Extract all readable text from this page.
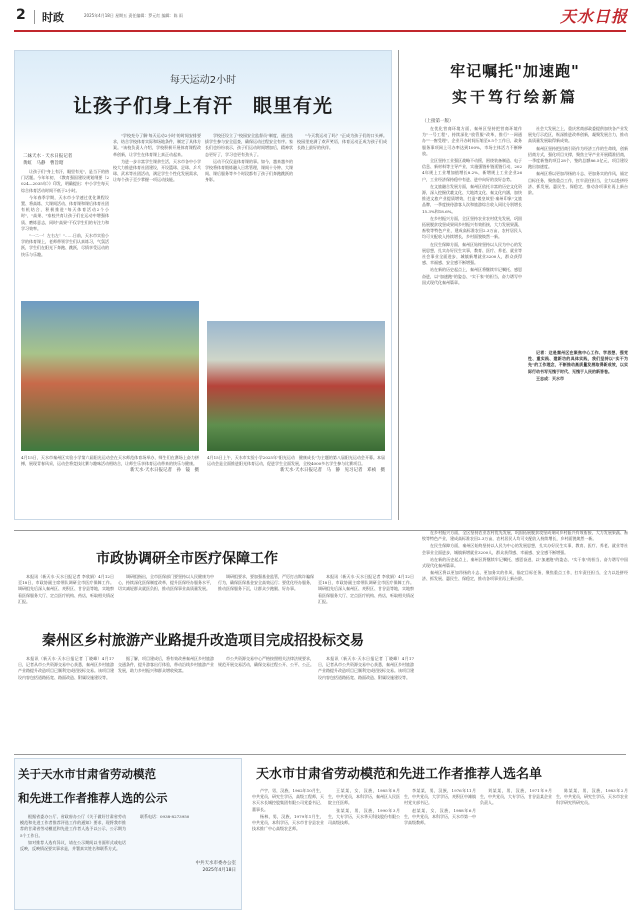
2 时政	2025年4月18日 星期五 责任编辑：罗元红 编辑：陈 雨	天水日报
每天运动2小时
让孩子们身上有汗　眼里有光
二妹天水 · 天水日报记者
黄虹　马静　曹旨昭

让孩子们"身上有汗，眼里有光"，是当下的热门话题。今年年初，《教育强国建设规划纲要（2024—2035年）》印发，明确提出：中小学生每天综合体育活动时间不低于2小时。

今年春季学期，天水市小学速过优化课程设置、将高练、大课间活动、体育课和课后体育社团有机结合，积极推进"每天体育活动2个小时"，"高果、"家校共育让孩子们在运动中增强体质、磨炼意志，同时"高果"不仅学生们的专注力和学习效率。

"一二一！左右左！"……日前，天水市实验小学的体育课上，老师带领学生们认真练习，气氛活跃，学生们在阳光下奔跑、跳跃，尽情享受运动的快乐与乐趣。

"学校充分了解'每天运动2小时'的时间安排要求，结合学校体育实际和场地条件，制定了具体方案。"该校负责人介绍，学校积极开展体育课程改革创新，让学生在体育课上真正动起来。

为进一步丰富学生课余生活，天水市各中小学校大力推进体育社团建设，开设篮球、足球、乒乓球、武术等社团活动，满足学生个性化发展需求，让每个孩子至少掌握一项运动技能。

学校还设立了"校园安全监督员"制度，通过选拔学生参与安全巡查，确保运动过程安全有序。家长们也纷纷表示，孩子们运动时间增加后，精神状态更好了，学习也更有劲头了。

运动不仅仅是体育课的事。如今，越来越多的学校将体育锻炼融入日常管理，课间十分钟、大课间、课后服务等多个时段都有了孩子们奔跑跳跃的身影。

"今天我运动了吗？"正成为孩子们的口头禅。校园里充满了欢声笑语，体育运动正成为孩子们成长路上最好的伙伴。

4月15日，天水市秦州区实验小学第六届阳光运动会在天水师范体育场举办，师生们在赛场上奋力拼搏，展现青春风采，运动会将竞技比赛与趣味活动相结合，让师生乐享体育运动带来的快乐与健康。
新天水·天水日报记者　孙　镜　摄
4月15日上午，天水市实验小学2025年"阳光运动　健康成长"为主题的第八届阳光运动会开幕。本届运动会是全面推进阳光体育运动，促进学生全面发展，全校4000多名学生参与比赛项目。
新天水·天水日报记者　马　静　见习记者　邓祯　摄
牢记嘱托"加速跑"
实干笃行绘新篇
（上接第一版）

在优化营商环境方面，秦州区坚持把营商环境作为"一号工程"，持续深化"放管服"改革，推行"一网通办""一窗受理"，企业开办时间压缩至0.5个工作日，政务服务事项网上可办率达到100%，市场主体活力不断释放。

全区坚持工业强区战略不动摇，围绕装备制造、电子信息、新材料等主导产业，实施强链补链延链行动，2024年规上工业增加值增长8.2%，新增规上工业企业26户，工业经济保持稳中有进、进中向好的良好态势。

在文旅融合发展方面，秦州区依托丰富的历史文化资源，深入挖掘伏羲文化、大地湾文化、秦文化内涵，加快推进文旅产业提质增效，打造"羲皇故里·秦州印象"文旅品牌，一季度接待游客人次和旅游综合收入同比分别增长15.3%和18.6%。

在乡村振兴方面，全区坚持农业农村优先发展，巩固拓展脱贫攻坚成果同乡村振兴有效衔接，大力发展果蔬、畜牧等特色产业，建成高标准农田2.3万亩，农村居民人均可支配收入持续增长，乡村面貌焕然一新。

在民生保障方面，秦州区始终坚持以人民为中心的发展思想，扎实办好民生实事，教育、医疗、养老、就业等社会事业全面进步，城镇新增就业3200人，群众获得感、幸福感、安全感不断增强。

站在新的历史起点上，秦州区将继续牢记嘱托、感恩奋进，以"加速跑"的姿态、"实干家"的担当，奋力谱写中国式现代化秦州篇章。

社会大发展之上，重庆营商部政委提供加快各产业发展先行示范区，纵深推进改革创新，凝聚发展合力，推动高质量发展取得新成效。

秦州区坚持把招商引资作为经济工作的生命线，创新招商方式，强化项目支撑，聚焦主导产业开展精准招商，一季度新签约项目28个，签约总额86.5亿元，项目建设跑出加速度。

秦州区将以更加昂扬的斗志、更加务实的作风，锚定目标任务，聚焦重点工作，扛牢责任担当，全力以赴拼经济、抓发展、惠民生、保稳定，推动各项事业再上新台阶。

记者：这是秦州区在聚焦中心工作、学思想、强党性、重实践、建新功的具体实践，我们坚持以"实干为先"的工作理念，不断推动高质量发展取得新成效，以实际行动书写无愧于时代、无愧于人民的新答卷。

王志成：天水市

市政协调研全市医疗保障工作

本报讯（新天水·天水日报记者 李欣娟）4月12日至18日，市政协副主席带队调研全市医疗保障工作。调研组先后深入秦州区、麦积区、甘谷县等地，实地察看医保服务大厅、定点医疗机构、药店，听取相关情况汇报。

调研组指出，全市医保部门要坚持以人民健康为中心，持续深化医保制度改革，提升医保经办服务水平，切实减轻群众就医负担，推动医保事业高质量发展。

调研组要求，要加强基金监管，严厉打击欺诈骗保行为，确保医保基金安全高效运行；要优化经办服务，推动医保服务下沉，让群众少跑腿、好办事。

本报讯（新天水·天水日报记者 李欣娟）4月12日至18日，市政协副主席带队调研全市医疗保障工作。调研组先后深入秦州区、麦积区、甘谷县等地，实地察看医保服务大厅、定点医疗机构、药店，听取相关情况汇报。

秦州区乡村旅游产业路提升改造项目完成招投标交易

本报讯（新天水·天水日报记者 丁晓峰）4月17日，记者从市公共资源交易中心获悉，秦州区乡村旅游产业路提升改造项目已顺利完成招投标交易。该项目建设内容包括道路拓宽、路面改造、附属设施建设等。

据了解，项目建成后，将有效改善秦州区乡村旅游交通条件，提升游客出行体验，带动沿线乡村旅游产业发展，助力乡村振兴和群众增收致富。

市公共资源交易中心严格按照相关法律法规要求，规范开展交易活动，确保交易过程公开、公平、公正。

本报讯（新天水·天水日报记者 丁晓峰）4月17日，记者从市公共资源交易中心获悉，秦州区乡村旅游产业路提升改造项目已顺利完成招投标交易。该项目建设内容包括道路拓宽、路面改造、附属设施建设等。

在乡村振兴方面，全区坚持农业农村优先发展，巩固拓展脱贫攻坚成果同乡村振兴有效衔接，大力发展果蔬、畜牧等特色产业，建成高标准农田2.3万亩，农村居民人均可支配收入持续增长，乡村面貌焕然一新。

在民生保障方面，秦州区始终坚持以人民为中心的发展思想，扎实办好民生实事，教育、医疗、养老、就业等社会事业全面进步，城镇新增就业3200人，群众获得感、幸福感、安全感不断增强。

站在新的历史起点上，秦州区将继续牢记嘱托、感恩奋进，以"加速跑"的姿态、"实干家"的担当，奋力谱写中国式现代化秦州篇章。

秦州区将以更加昂扬的斗志、更加务实的作风，锚定目标任务，聚焦重点工作，扛牢责任担当，全力以赴拼经济、抓发展、惠民生、保稳定，推动各项事业再上新台阶。

关于天水市甘肃省劳动模范
和先进工作者推荐人选的公示

根据省委办公厅、省政府办公厅《关于做好甘肃省劳动模范和先进工作者推荐评选工作的通知》要求，现将我市推荐的甘肃省劳动模范和先进工作者人选予以公示，公示期为5个工作日。

如对推荐人选有异议，请在公示期间以书面形式或电话反映，反映情况要实事求是，并署真实姓名和联系方式。

联系电话：0938-8273950

中共天水市委办公室
2025年4月18日
天水市甘肃省劳动模范和先进工作者推荐人选名单

卢宇，男，汉族，1962年10月生，中共党员，研究生学历，高级工程师，天水天水长城控股集团有限公司党委书记、董事长。

杨林，男，汉族，1979年1月生，中共党员，本科学历，天水市甘谷县农业技术推广中心高级农艺师。

王某某，女，汉族，1985年8月生，中共党员，本科学历，秦州区人民医院主任医师。

张某某，男，汉族，1990年3月生，大专学历，天水华天科技股份有限公司高级技师。

李某某，男，汉族，1976年11月生，中共党员，大学学历，麦积区中滩镇村党支部书记。

赵某某，女，汉族，1988年6月生，中共党员，本科学历，天水市第一中学高级教师。

刘某某，男，汉族，1971年9月生，中共党员，大专学历，甘谷县某企业负责人。

陈某某，男，汉族，1983年2月生，中共党员，研究生学历，天水市农业科学研究所研究员。
